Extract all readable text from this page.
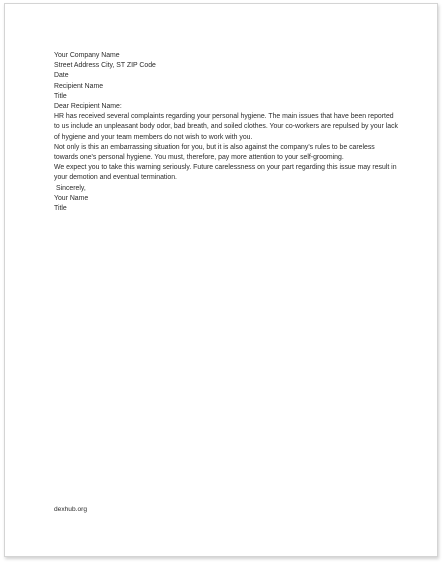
Your Company Name
Street Address City, ST ZIP Code

Date

Recipient Name
Title

Dear Recipient Name:

HR has received several complaints regarding your personal hygiene. The main issues that have been reported to us include an unpleasant body odor, bad breath, and soiled clothes. Your co-workers are repulsed by your lack of hygiene and your team members do not wish to work with you.

Not only is this an embarrassing situation for you, but it is also against the company's rules to be careless towards one's personal hygiene. You must, therefore, pay more attention to your self-grooming.

We expect you to take this warning seriously. Future carelessness on your part regarding this issue may result in your demotion and eventual termination.

Sincerely,

Your Name
Title

dexhub.org
